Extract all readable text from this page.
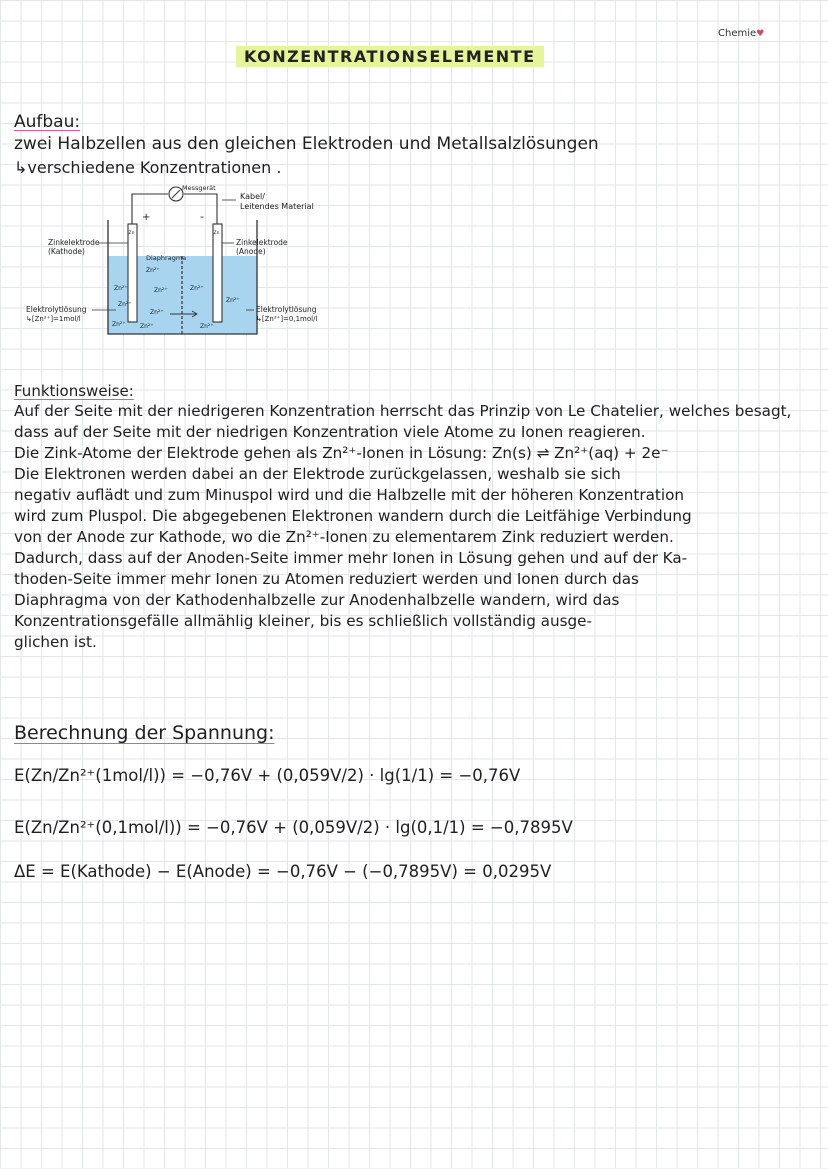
Chemie♥
KONZENTRATIONSELEMENTE
Aufbau:
zwei Halbzellen aus den gleichen Elektroden und Metallsalzlösungen
↳verschiedene Konzentrationen .
Zn	Zn
Messgerät
+	-
Kabel/
Leitendes Material
Zinkelektrode
(Kathode)
Elektrolytlösung
↳[Zn²⁺]=1mol/l
Zinkelektrode
(Anode)
Elektrolytlösung
↳[Zn²⁺]=0,1mol/l
Diaphragma
Zn²⁺
Zn²⁺
Zn²⁺
Zn²⁺
Zn²⁺
Zn²⁺
Zn²⁺
Zn²⁺
Zn²⁺
Zn²⁺
Funktionsweise:
Auf der Seite mit der niedrigeren Konzentration herrscht das Prinzip von Le Chatelier, welches besagt,
dass auf der Seite mit der niedrigen Konzentration viele Atome zu Ionen reagieren.
Die Zink-Atome der Elektrode gehen als Zn²⁺-Ionen in Lösung: Zn(s) ⇌ Zn²⁺(aq) + 2e⁻
Die Elektronen werden dabei an der Elektrode zurückgelassen, weshalb sie sich
negativ auflädt und zum Minuspol wird und die Halbzelle mit der höheren Konzentration
wird zum Pluspol. Die abgegebenen Elektronen wandern durch die Leitfähige Verbindung
von der Anode zur Kathode, wo die Zn²⁺-Ionen zu elementarem Zink reduziert werden.
Dadurch, dass auf der Anoden-Seite immer mehr Ionen in Lösung gehen und auf der Ka-
thoden-Seite immer mehr Ionen zu Atomen reduziert werden und Ionen durch das
Diaphragma von der Kathodenhalbzelle zur Anodenhalbzelle wandern, wird das
Konzentrationsgefälle allmählig kleiner, bis es schließlich vollständig ausge-
glichen ist.
Berechnung der Spannung:
E(Zn/Zn²⁺(1mol/l)) = −0,76V + (0,059V/2) · lg(1/1) = −0,76V
E(Zn/Zn²⁺(0,1mol/l)) = −0,76V + (0,059V/2) · lg(0,1/1) = −0,7895V
ΔE = E(Kathode) − E(Anode) = −0,76V − (−0,7895V) = 0,0295V
